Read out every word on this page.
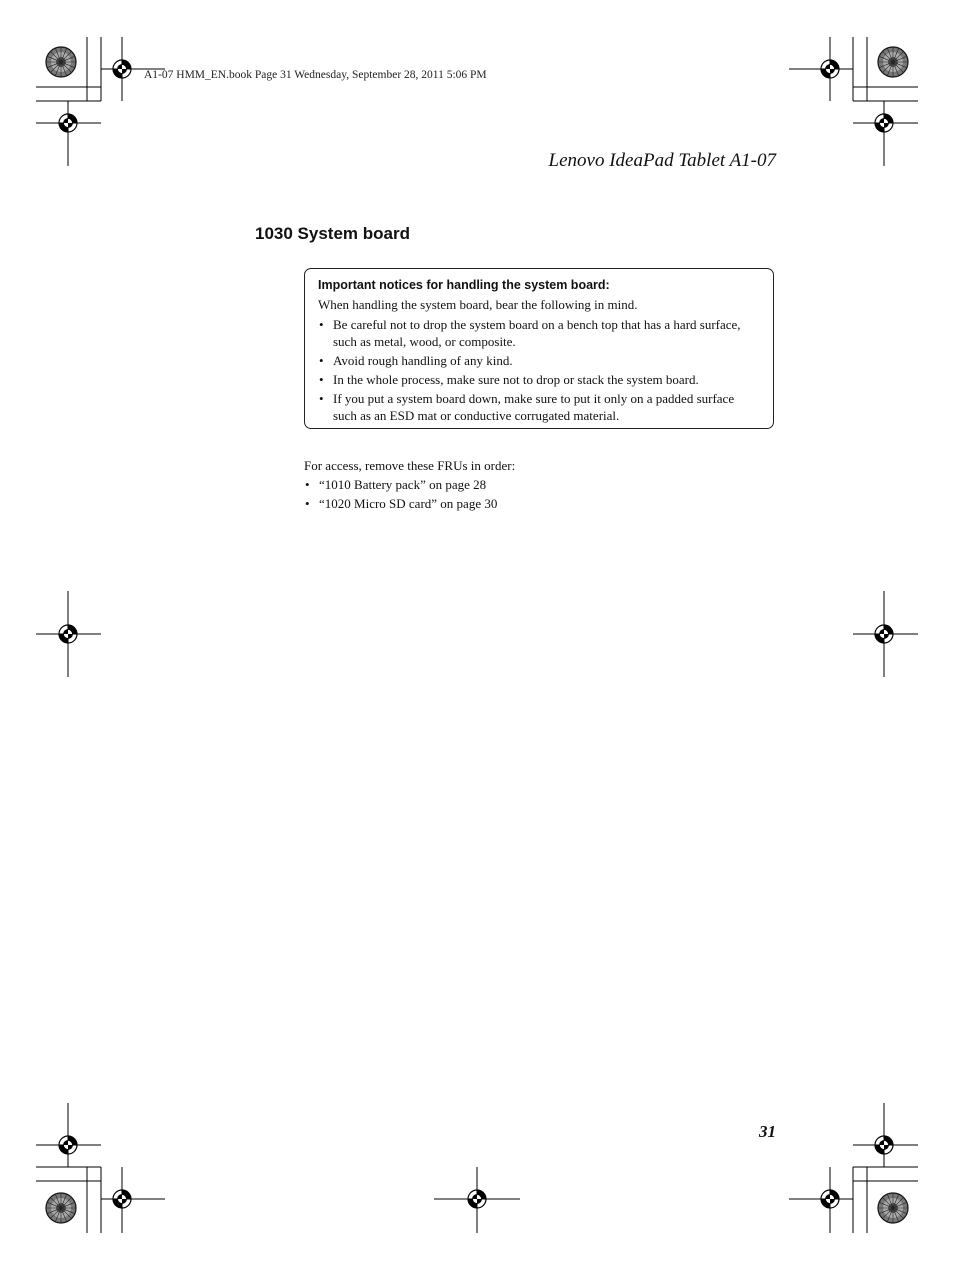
A1-07 HMM_EN.book Page 31 Wednesday, September 28, 2011 5:06 PM
Lenovo IdeaPad Tablet A1-07
1030 System board
Important notices for handling the system board:
When handling the system board, bear the following in mind.
• Be careful not to drop the system board on a bench top that has a hard surface, such as metal, wood, or composite.
• Avoid rough handling of any kind.
• In the whole process, make sure not to drop or stack the system board.
• If you put a system board down, make sure to put it only on a padded surface such as an ESD mat or conductive corrugated material.
For access, remove these FRUs in order:
• “1010 Battery pack” on page 28
• “1020 Micro SD card” on page 30
31
